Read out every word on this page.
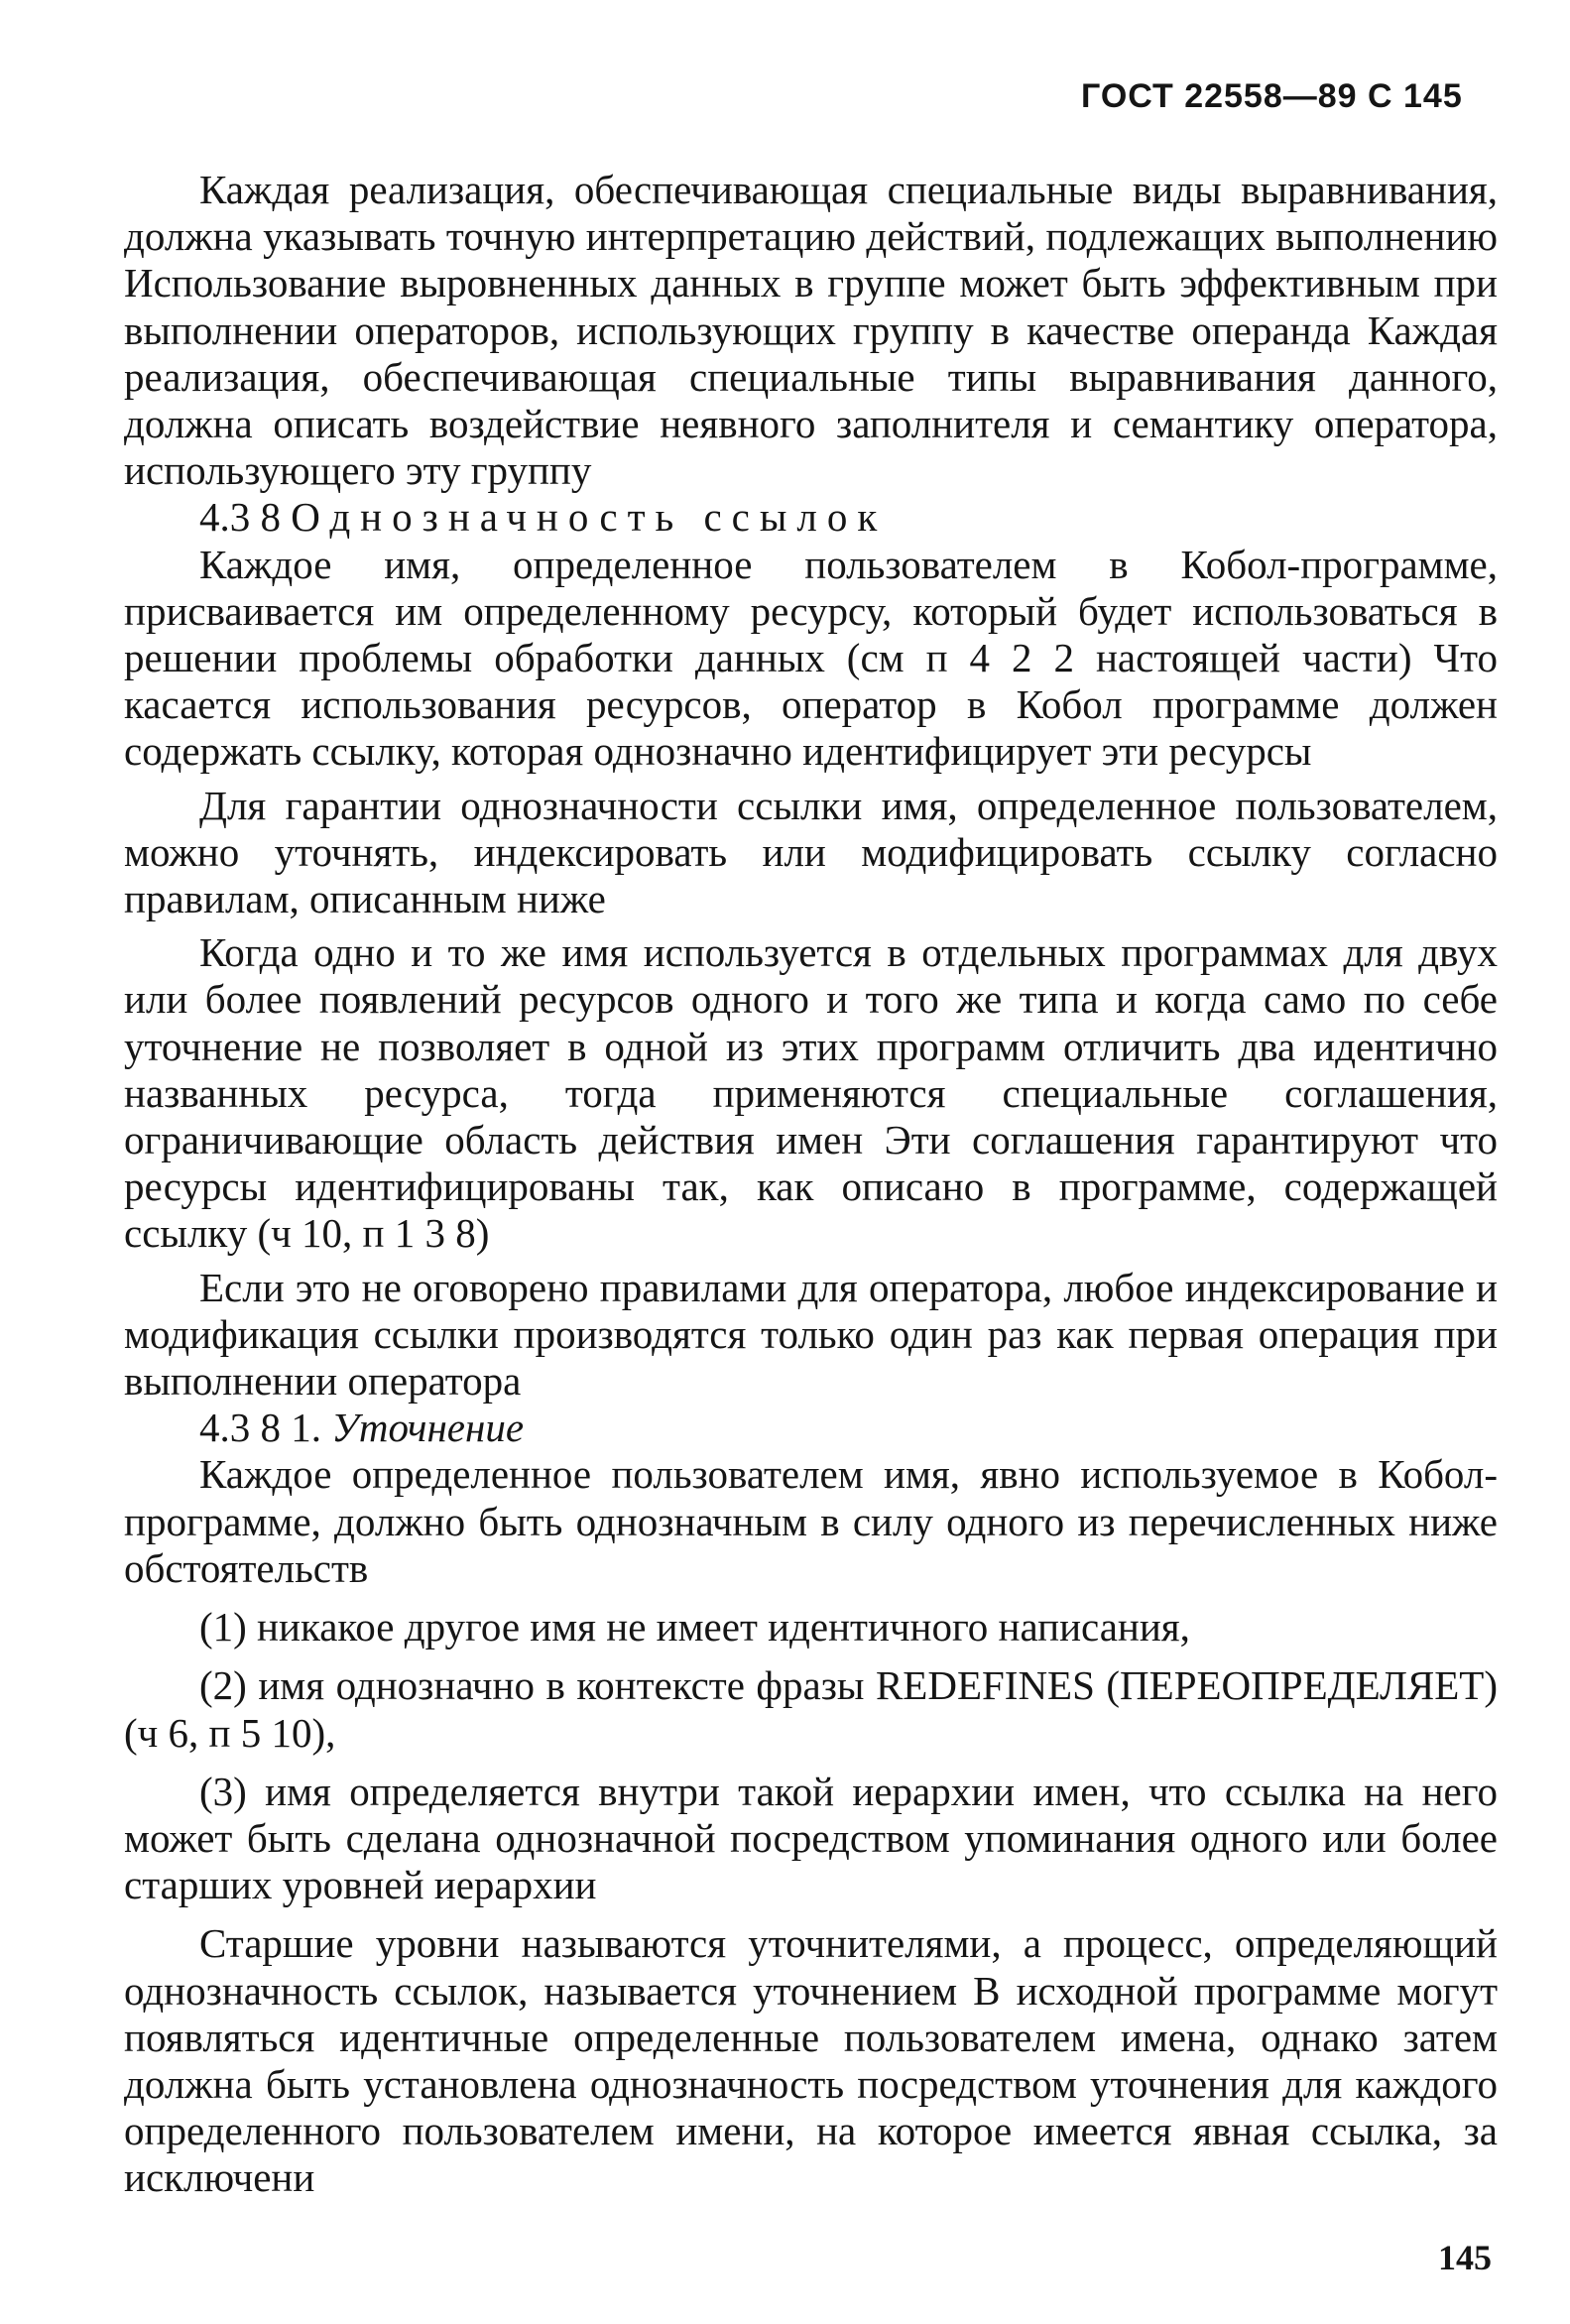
ГОСТ 22558—89 С 145

Каждая реализация, обеспечивающая специальные виды выравнивания, должна указывать точную интерпретацию действий, подлежащих выполнению Использование выровненных данных в группе может быть эффективным при выполнении операторов, использующих группу в качестве операнда Каждая реализация, обеспечивающая специальные типы выравнивания данного, должна описать воздействие неявного заполнителя и семантику оператора, использующего эту группу

4.3 8 Однозначность ссылок

Каждое имя, определенное пользователем в Кобол-программе, присваивается им определенному ресурсу, который будет использоваться в решении проблемы обработки данных (см п 4 2 2 настоящей части) Что касается использования ресурсов, оператор в Кобол программе должен содержать ссылку, которая однозначно идентифицирует эти ресурсы

Для гарантии однозначности ссылки имя, определенное пользователем, можно уточнять, индексировать или модифицировать ссылку согласно правилам, описанным ниже

Когда одно и то же имя используется в отдельных программах для двух или более появлений ресурсов одного и того же типа и когда само по себе уточнение не позволяет в одной из этих программ отличить два идентично названных ресурса, тогда применяются специальные соглашения, ограничивающие область действия имен Эти соглашения гарантируют что ресурсы идентифицированы так, как описано в программе, содержащей ссылку (ч 10, п 1 3 8)

Если это не оговорено правилами для оператора, любое индексирование и модификация ссылки производятся только один раз как первая операция при выполнении оператора

4.3 8 1. Уточнение

Каждое определенное пользователем имя, явно используемое в Кобол-программе, должно быть однозначным в силу одного из перечисленных ниже обстоятельств

(1) никакое другое имя не имеет идентичного написания,

(2) имя однозначно в контексте фразы REDEFINES (ПЕРЕОПРЕДЕЛЯЕТ) (ч 6, п 5 10),

(3) имя определяется внутри такой иерархии имен, что ссылка на него может быть сделана однозначной посредством упоминания одного или более старших уровней иерархии

Старшие уровни называются уточнителями, а процесс, определяющий однозначность ссылок, называется уточнением В исходной программе могут появляться идентичные определенные пользователем имена, однако затем должна быть установлена однозначность посредством уточнения для каждого определенного пользователем имени, на которое имеется явная ссылка, за исключени

145
